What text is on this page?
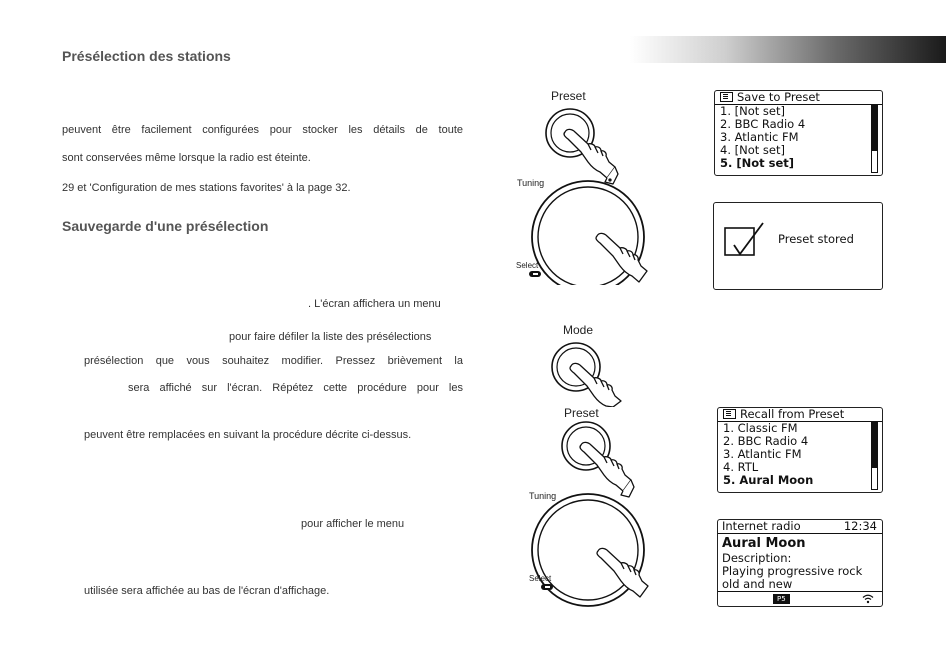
Présélection des stations
peuvent être facilement configurées pour stocker les détails de toute
sont conservées même lorsque la radio est éteinte.
29 et 'Configuration de mes stations favorites' à la page 32.
Sauvegarde d'une présélection
. L'écran affichera un menu
pour faire défiler la liste des présélections
présélection que vous souhaitez modifier. Pressez brièvement la
sera affiché sur l'écran. Répétez cette procédure pour les
peuvent être remplacées en suivant la procédure décrite ci-dessus.
pour afficher le menu
utilisée sera affichée au bas de l'écran d'affichage.
Preset
Tuning
Select
Save to Preset
1. [Not set]
2. BBC Radio 4
3. Atlantic FM
4. [Not set]
5. [Not set]
Preset stored
Mode
Preset
Tuning
Select
Recall from Preset
1. Classic FM
2. BBC Radio 4
3. Atlantic FM
4. RTL
5. Aural Moon
Internet radio	12:34
Aural Moon
Description:
Playing progressive rock
old and new
P5
